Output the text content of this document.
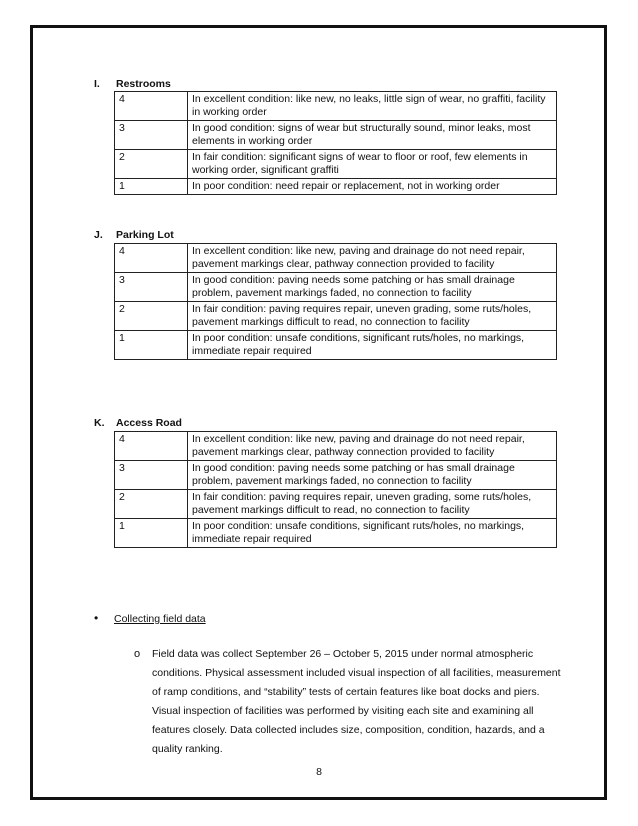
I. Restrooms
4	In excellent condition: like new, no leaks, little sign of wear, no graffiti, facility in working order
3	In good condition: signs of wear but structurally sound, minor leaks, most elements in working order
2	In fair condition: significant signs of wear to floor or roof, few elements in working order, significant graffiti
1	In poor condition: need repair or replacement, not in working order
J. Parking Lot
4	In excellent condition: like new, paving and drainage do not need repair, pavement markings clear, pathway connection provided to facility
3	In good condition: paving needs some patching or has small drainage problem, pavement markings faded, no connection to facility
2	In fair condition: paving requires repair, uneven grading, some ruts/holes, pavement markings difficult to read, no connection to facility
1	In poor condition: unsafe conditions, significant ruts/holes, no markings, immediate repair required
K. Access Road
4	In excellent condition: like new, paving and drainage do not need repair, pavement markings clear, pathway connection provided to facility
3	In good condition: paving needs some patching or has small drainage problem, pavement markings faded, no connection to facility
2	In fair condition: paving requires repair, uneven grading, some ruts/holes, pavement markings difficult to read, no connection to facility
1	In poor condition: unsafe conditions, significant ruts/holes, no markings, immediate repair required
•	Collecting field data
o	Field data was collect September 26 – October 5, 2015 under normal atmospheric conditions. Physical assessment included visual inspection of all facilities, measurement of ramp conditions, and “stability” tests of certain features like boat docks and piers. Visual inspection of facilities was performed by visiting each site and examining all features closely. Data collected includes size, composition, condition, hazards, and a quality ranking.
8
